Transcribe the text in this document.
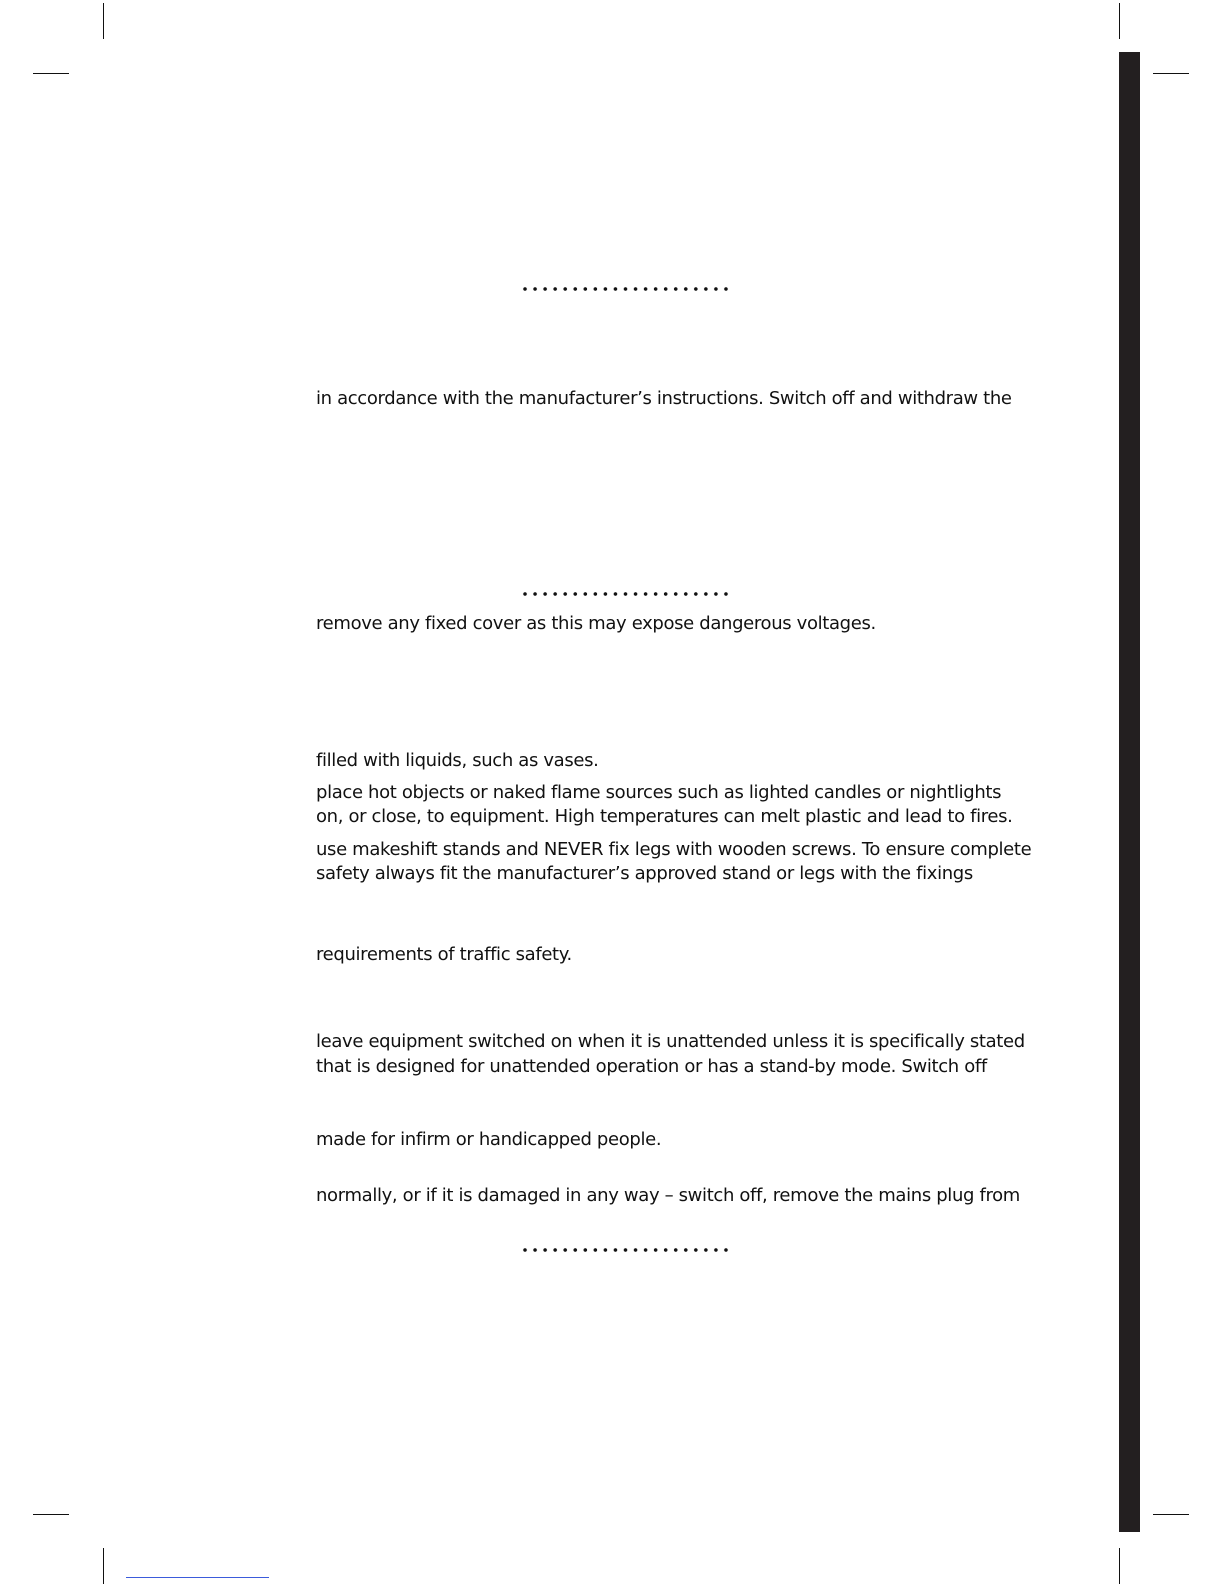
in accordance with the manufacturer’s instructions. Switch off and withdraw the
remove any fixed cover as this may expose dangerous voltages.
filled with liquids, such as vases.
place hot objects or naked flame sources such as lighted candles or nightlights
on, or close, to equipment. High temperatures can melt plastic and lead to fires.
use makeshift stands and NEVER fix legs with wooden screws. To ensure complete
safety always fit the manufacturer’s approved stand or legs with the fixings
requirements of traffic safety.
leave equipment switched on when it is unattended unless it is specifically stated
that is designed for unattended operation or has a stand-by mode. Switch off
made for infirm or handicapped people.
normally, or if it is damaged in any way – switch off, remove the mains plug from
